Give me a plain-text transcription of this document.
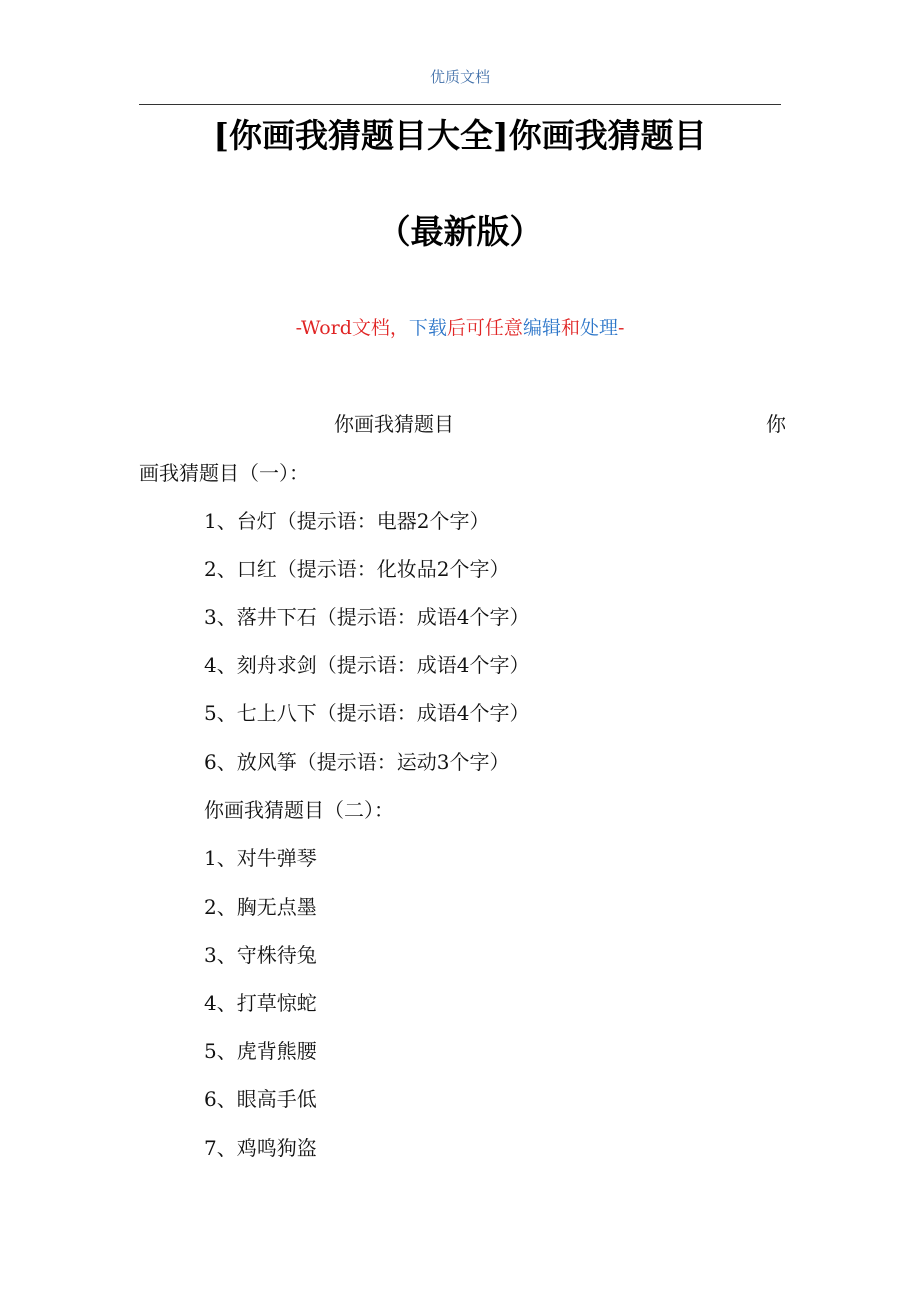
优质文档
[你画我猜题目大全]你画我猜题目
（最新版）
-Word文档，下载后可任意编辑和处理-
你画我猜题目	你
画我猜题目（一）：
1、台灯（提示语：电器2个字）
2、口红（提示语：化妆品2个字）
3、落井下石（提示语：成语4个字）
4、刻舟求剑（提示语：成语4个字）
5、七上八下（提示语：成语4个字）
6、放风筝（提示语：运动3个字）
你画我猜题目（二）：
1、对牛弹琴
2、胸无点墨
3、守株待兔
4、打草惊蛇
5、虎背熊腰
6、眼高手低
7、鸡鸣狗盗
